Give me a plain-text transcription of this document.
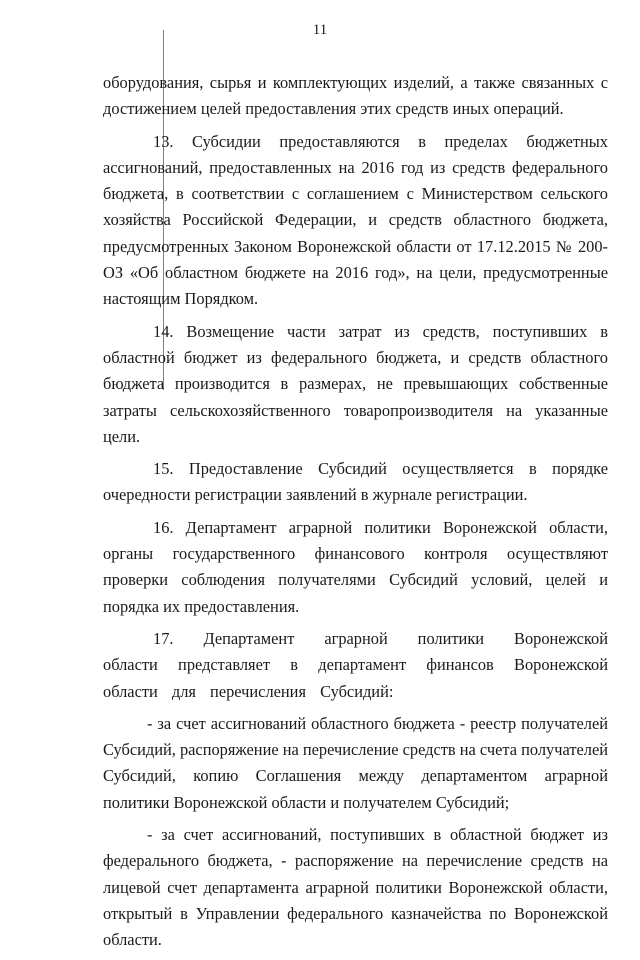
11

оборудования, сырья и комплектующих изделий, а также связанных с достижением целей предоставления этих средств иных операций.

13. Субсидии предоставляются в пределах бюджетных ассигнований, предоставленных на 2016 год из средств федерального бюджета, в соответствии с соглашением с Министерством сельского хозяйства Российской Федерации, и средств областного бюджета, предусмотренных Законом Воронежской области от 17.12.2015 № 200-ОЗ «Об областном бюджете на 2016 год», на цели, предусмотренные настоящим Порядком.

14. Возмещение части затрат из средств, поступивших в областной бюджет из федерального бюджета, и средств областного бюджета производится в размерах, не превышающих собственные затраты сельскохозяйственного товаропроизводителя на указанные цели.

15. Предоставление Субсидий осуществляется в порядке очередности регистрации заявлений в журнале регистрации.

16. Департамент аграрной политики Воронежской области, органы государственного финансового контроля осуществляют проверки соблюдения получателями Субсидий условий, целей и порядка их предоставления.

17. Департамент аграрной политики Воронежской области представляет в департамент финансов Воронежской области для перечисления Субсидий:

- за счет ассигнований областного бюджета - реестр получателей Субсидий, распоряжение на перечисление средств на счета получателей Субсидий, копию Соглашения между департаментом аграрной политики Воронежской области и получателем Субсидий;

- за счет ассигнований, поступивших в областной бюджет из федерального бюджета, - распоряжение на перечисление средств на лицевой счет департамента аграрной политики Воронежской области, открытый в Управлении федерального казначейства по Воронежской области.
